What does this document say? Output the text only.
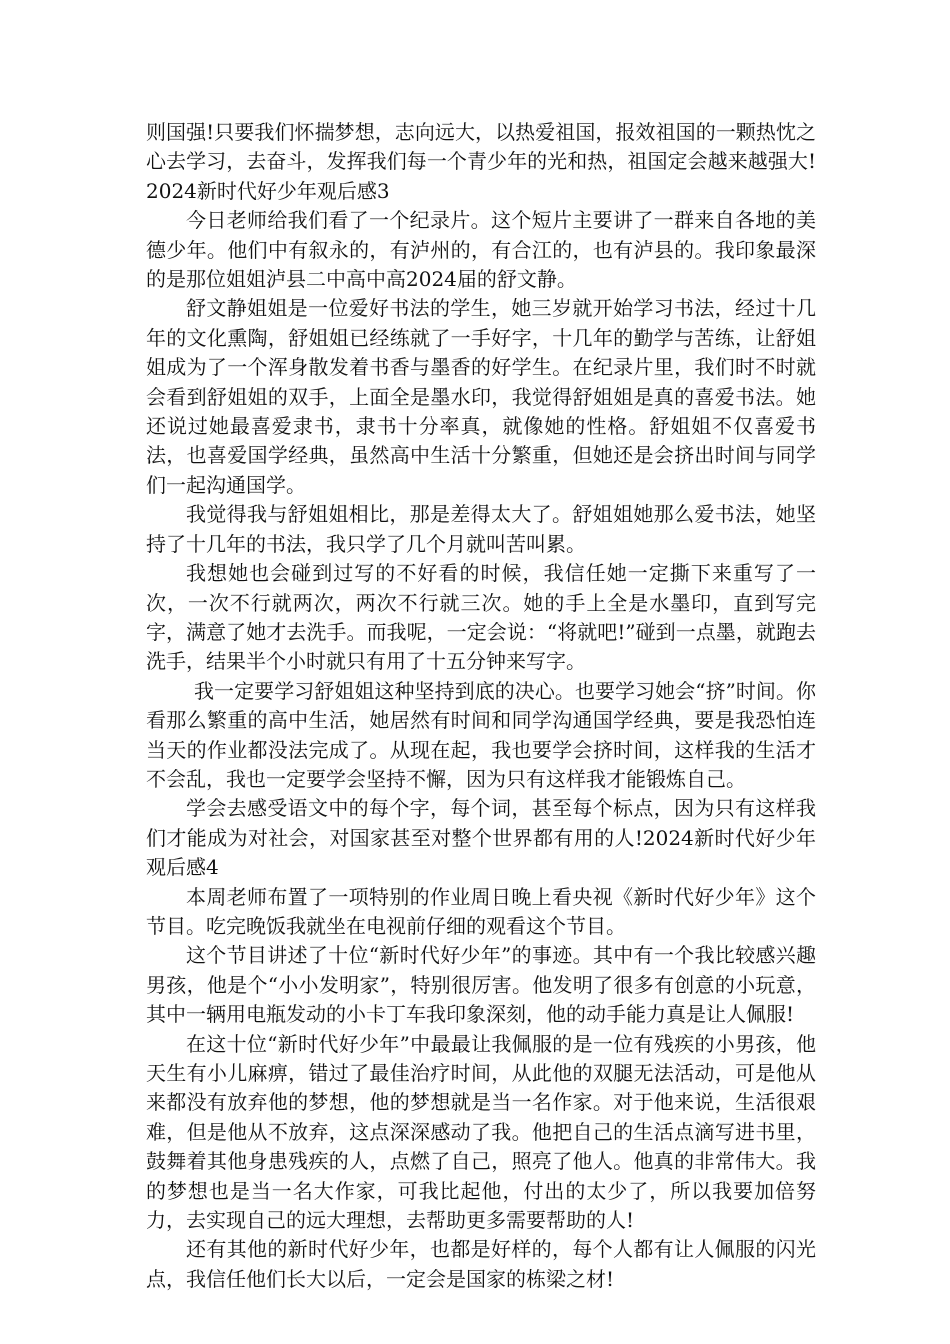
则国强!只要我们怀揣梦想，志向远大，以热爱祖国，报效祖国的一颗热忱之心去学习，去奋斗，发挥我们每一个青少年的光和热，祖国定会越来越强大!2024新时代好少年观后感3

今日老师给我们看了一个纪录片。这个短片主要讲了一群来自各地的美德少年。他们中有叙永的，有泸州的，有合江的，也有泸县的。我印象最深的是那位姐姐泸县二中高中高2024届的舒文静。

舒文静姐姐是一位爱好书法的学生，她三岁就开始学习书法，经过十几年的文化熏陶，舒姐姐已经练就了一手好字，十几年的勤学与苦练，让舒姐姐成为了一个浑身散发着书香与墨香的好学生。在纪录片里，我们时不时就会看到舒姐姐的双手，上面全是墨水印，我觉得舒姐姐是真的喜爱书法。她还说过她最喜爱隶书，隶书十分率真，就像她的性格。舒姐姐不仅喜爱书法，也喜爱国学经典，虽然高中生活十分繁重，但她还是会挤出时间与同学们一起沟通国学。

我觉得我与舒姐姐相比，那是差得太大了。舒姐姐她那么爱书法，她坚持了十几年的书法，我只学了几个月就叫苦叫累。

我想她也会碰到过写的不好看的时候，我信任她一定撕下来重写了一次，一次不行就两次，两次不行就三次。她的手上全是水墨印，直到写完字，满意了她才去洗手。而我呢，一定会说：“将就吧!”碰到一点墨，就跑去洗手，结果半个小时就只有用了十五分钟来写字。

我一定要学习舒姐姐这种坚持到底的决心。也要学习她会“挤”时间。你看那么繁重的高中生活，她居然有时间和同学沟通国学经典，要是我恐怕连当天的作业都没法完成了。从现在起，我也要学会挤时间，这样我的生活才不会乱，我也一定要学会坚持不懈，因为只有这样我才能锻炼自己。

学会去感受语文中的每个字，每个词，甚至每个标点，因为只有这样我们才能成为对社会，对国家甚至对整个世界都有用的人!2024新时代好少年观后感4

本周老师布置了一项特别的作业周日晚上看央视《新时代好少年》这个节目。吃完晚饭我就坐在电视前仔细的观看这个节目。

这个节目讲述了十位“新时代好少年”的事迹。其中有一个我比较感兴趣男孩，他是个“小小发明家”，特别很厉害。他发明了很多有创意的小玩意，其中一辆用电瓶发动的小卡丁车我印象深刻，他的动手能力真是让人佩服!

在这十位“新时代好少年”中最最让我佩服的是一位有残疾的小男孩，他天生有小儿麻痹，错过了最佳治疗时间，从此他的双腿无法活动，可是他从来都没有放弃他的梦想，他的梦想就是当一名作家。对于他来说，生活很艰难，但是他从不放弃，这点深深感动了我。他把自己的生活点滴写进书里，鼓舞着其他身患残疾的人，点燃了自己，照亮了他人。他真的非常伟大。我的梦想也是当一名大作家，可我比起他，付出的太少了，所以我要加倍努力，去实现自己的远大理想，去帮助更多需要帮助的人!

还有其他的新时代好少年，也都是好样的，每个人都有让人佩服的闪光点，我信任他们长大以后，一定会是国家的栋梁之材!
